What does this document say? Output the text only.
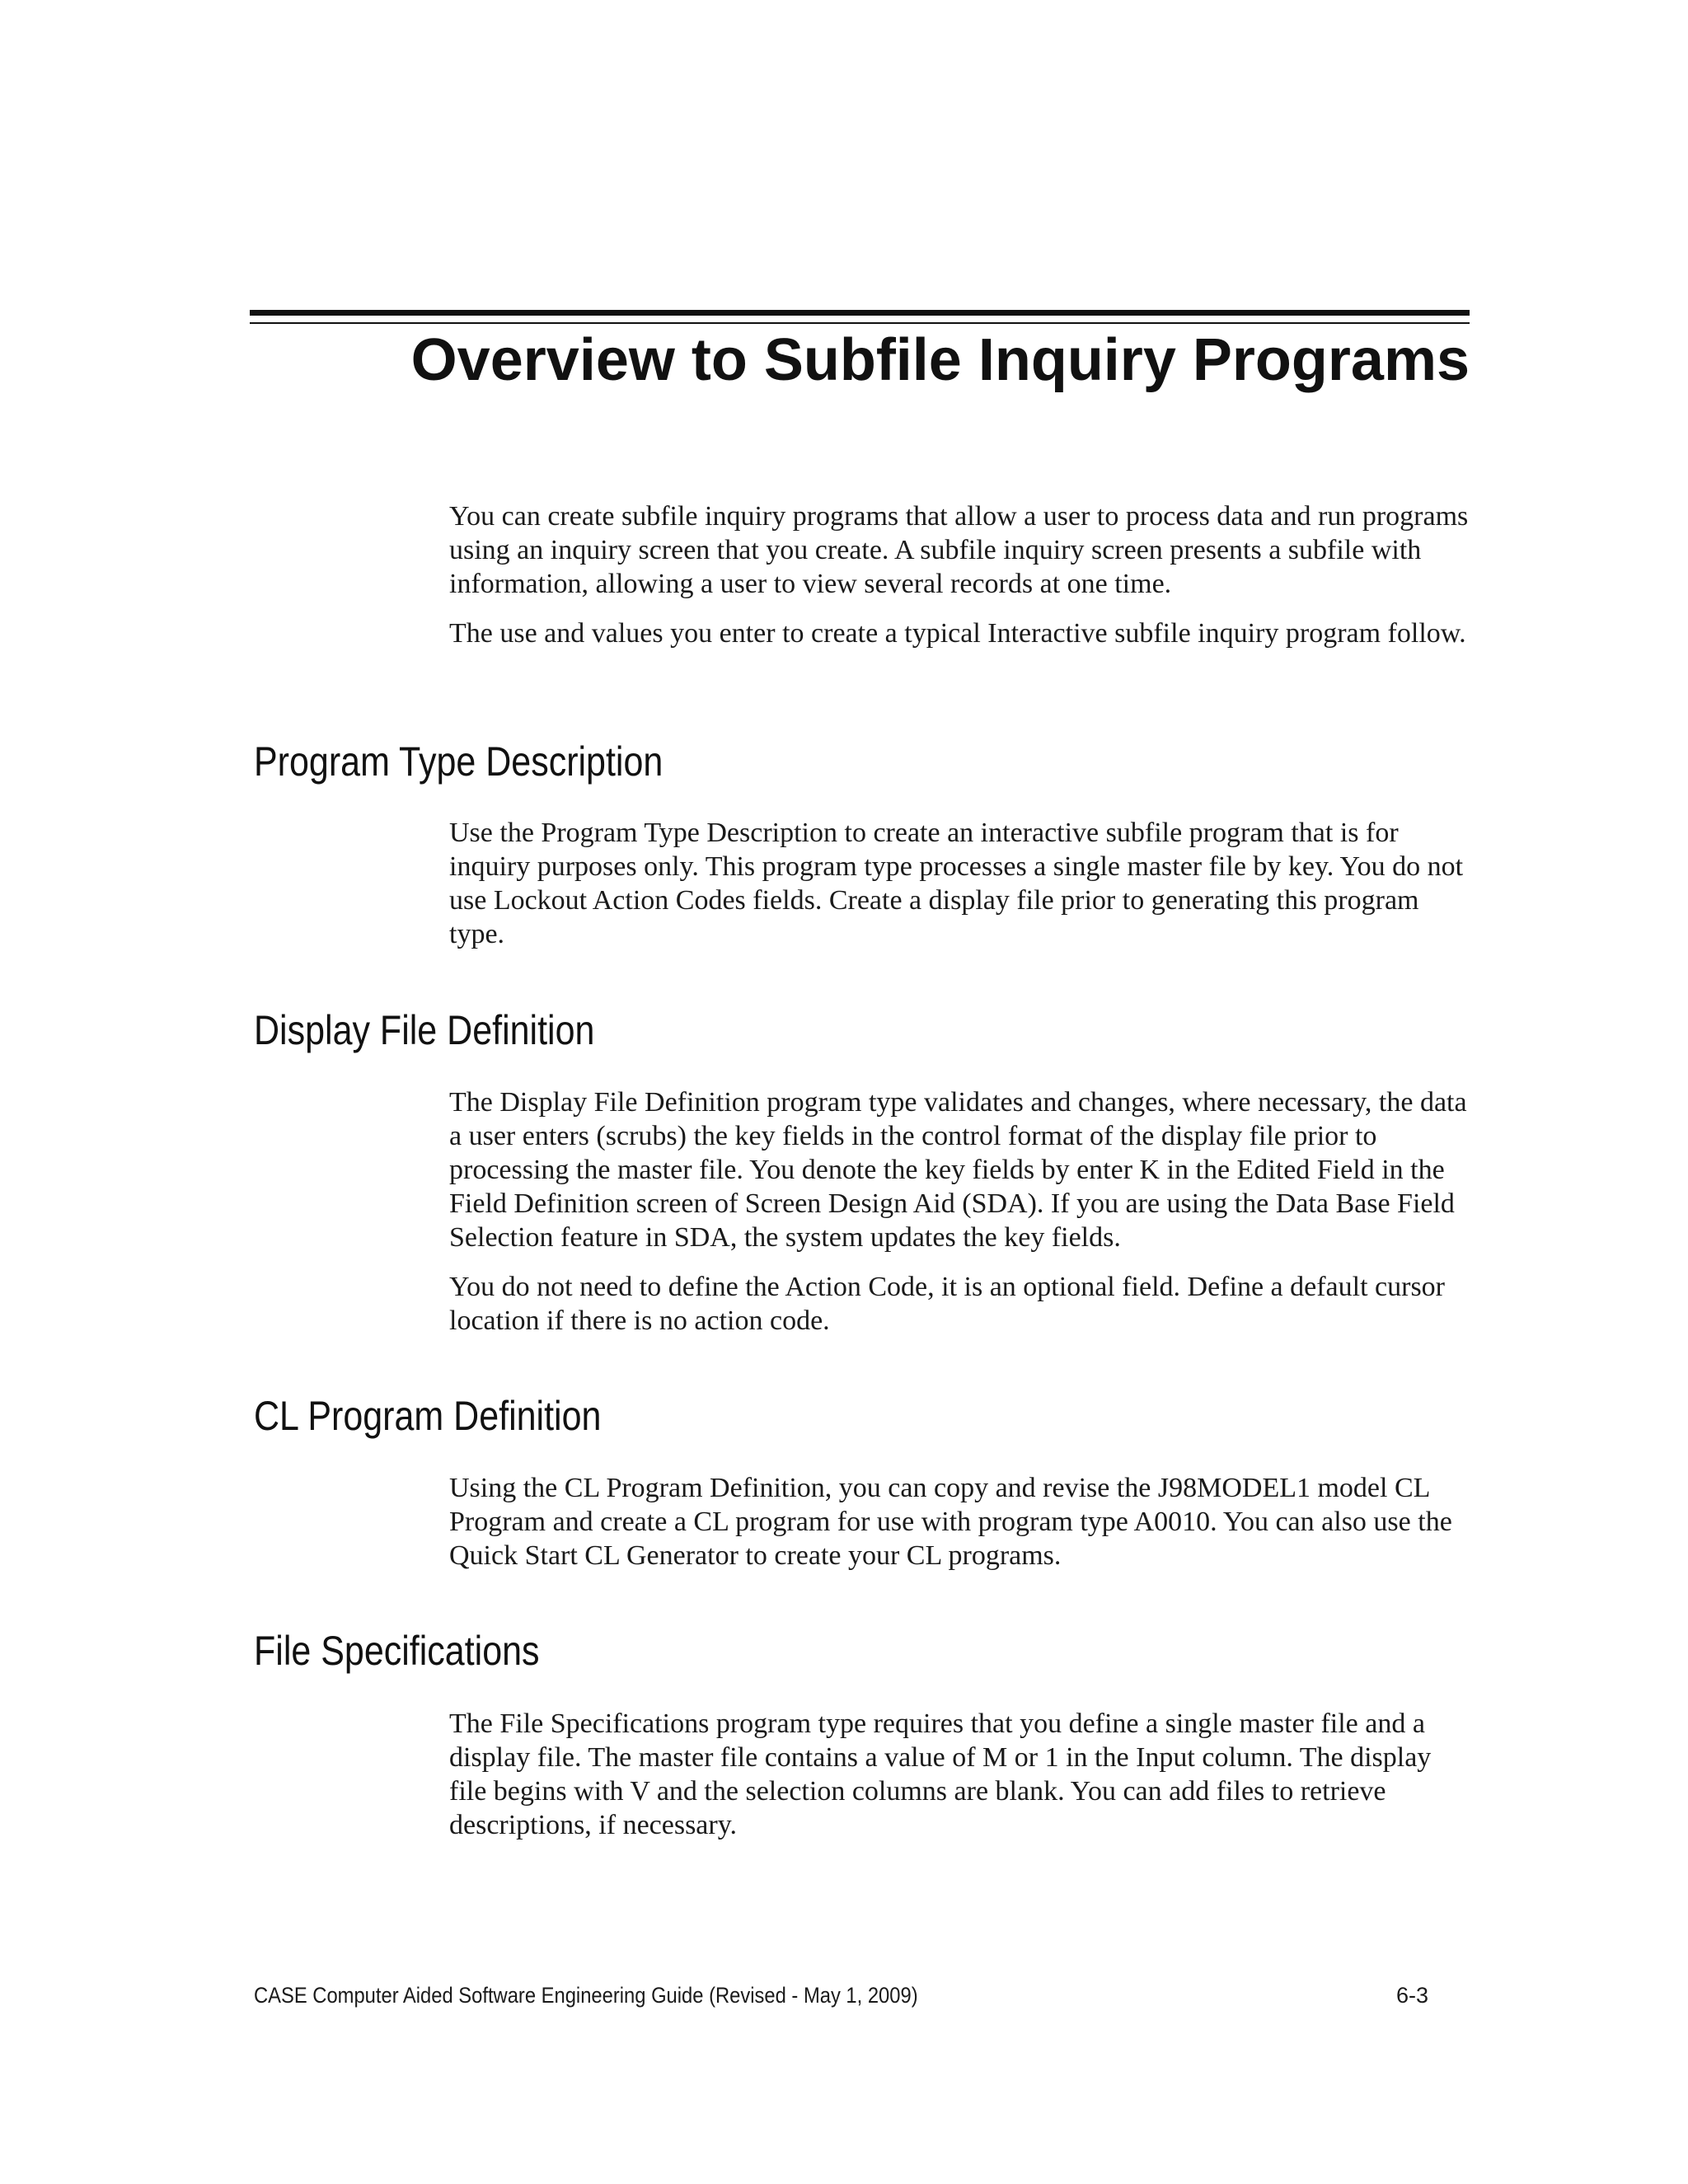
Overview to Subfile Inquiry Programs

You can create subfile inquiry programs that allow a user to process data and run programs using an inquiry screen that you create. A subfile inquiry screen presents a subfile with information, allowing a user to view several records at one time.

The use and values you enter to create a typical Interactive subfile inquiry program follow.

Program Type Description

Use the Program Type Description to create an interactive subfile program that is for inquiry purposes only. This program type processes a single master file by key. You do not use Lockout Action Codes fields. Create a display file prior to generating this program type.

Display File Definition

The Display File Definition program type validates and changes, where necessary, the data a user enters (scrubs) the key fields in the control format of the display file prior to processing the master file. You denote the key fields by enter K in the Edited Field in the Field Definition screen of Screen Design Aid (SDA). If you are using the Data Base Field Selection feature in SDA, the system updates the key fields.

You do not need to define the Action Code, it is an optional field. Define a default cursor location if there is no action code.

CL Program Definition

Using the CL Program Definition, you can copy and revise the J98MODEL1 model CL Program and create a CL program for use with program type A0010. You can also use the Quick Start CL Generator to create your CL programs.

File Specifications

The File Specifications program type requires that you define a single master file and a display file. The master file contains a value of M or 1 in the Input column. The display file begins with V and the selection columns are blank. You can add files to retrieve descriptions, if necessary.

CASE Computer Aided Software Engineering Guide (Revised - May 1, 2009)	6-3
